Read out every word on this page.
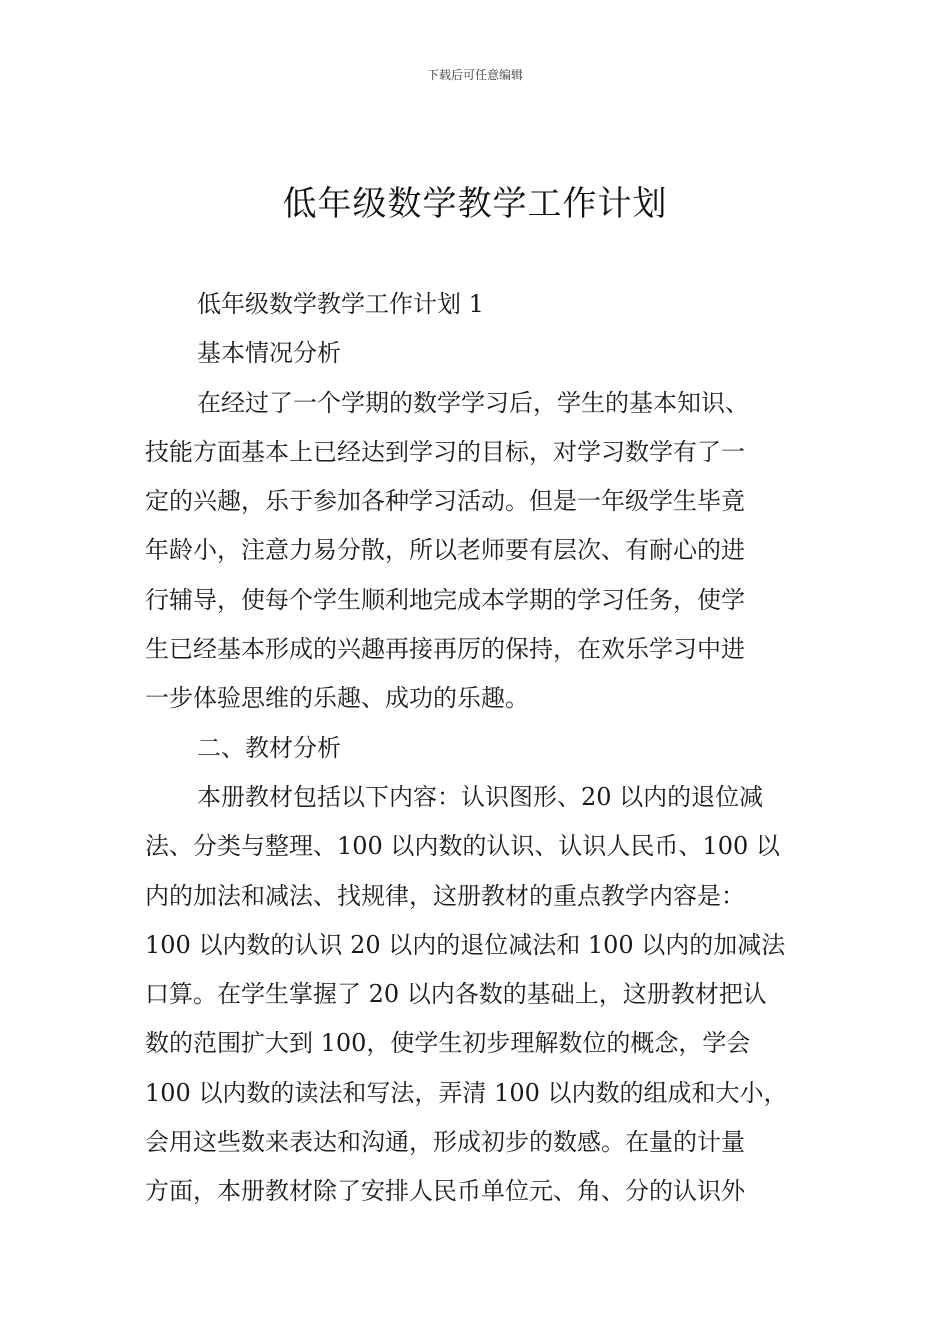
下载后可任意编辑
低年级数学教学工作计划
低年级数学教学工作计划 1
基本情况分析
在经过了一个学期的数学学习后，学生的基本知识、
技能方面基本上已经达到学习的目标，对学习数学有了一
定的兴趣，乐于参加各种学习活动。但是一年级学生毕竟
年龄小，注意力易分散，所以老师要有层次、有耐心的进
行辅导，使每个学生顺利地完成本学期的学习任务，使学
生已经基本形成的兴趣再接再厉的保持，在欢乐学习中进
一步体验思维的乐趣、成功的乐趣。
二、教材分析
本册教材包括以下内容：认识图形、20 以内的退位减
法、分类与整理、100 以内数的认识、认识人民币、100 以
内的加法和减法、找规律，这册教材的重点教学内容是：
100 以内数的认识 20 以内的退位减法和 100 以内的加减法
口算。在学生掌握了 20 以内各数的基础上，这册教材把认
数的范围扩大到 100，使学生初步理解数位的概念，学会
100 以内数的读法和写法，弄清 100 以内数的组成和大小，
会用这些数来表达和沟通，形成初步的数感。在量的计量
方面，本册教材除了安排人民币单位元、角、分的认识外
